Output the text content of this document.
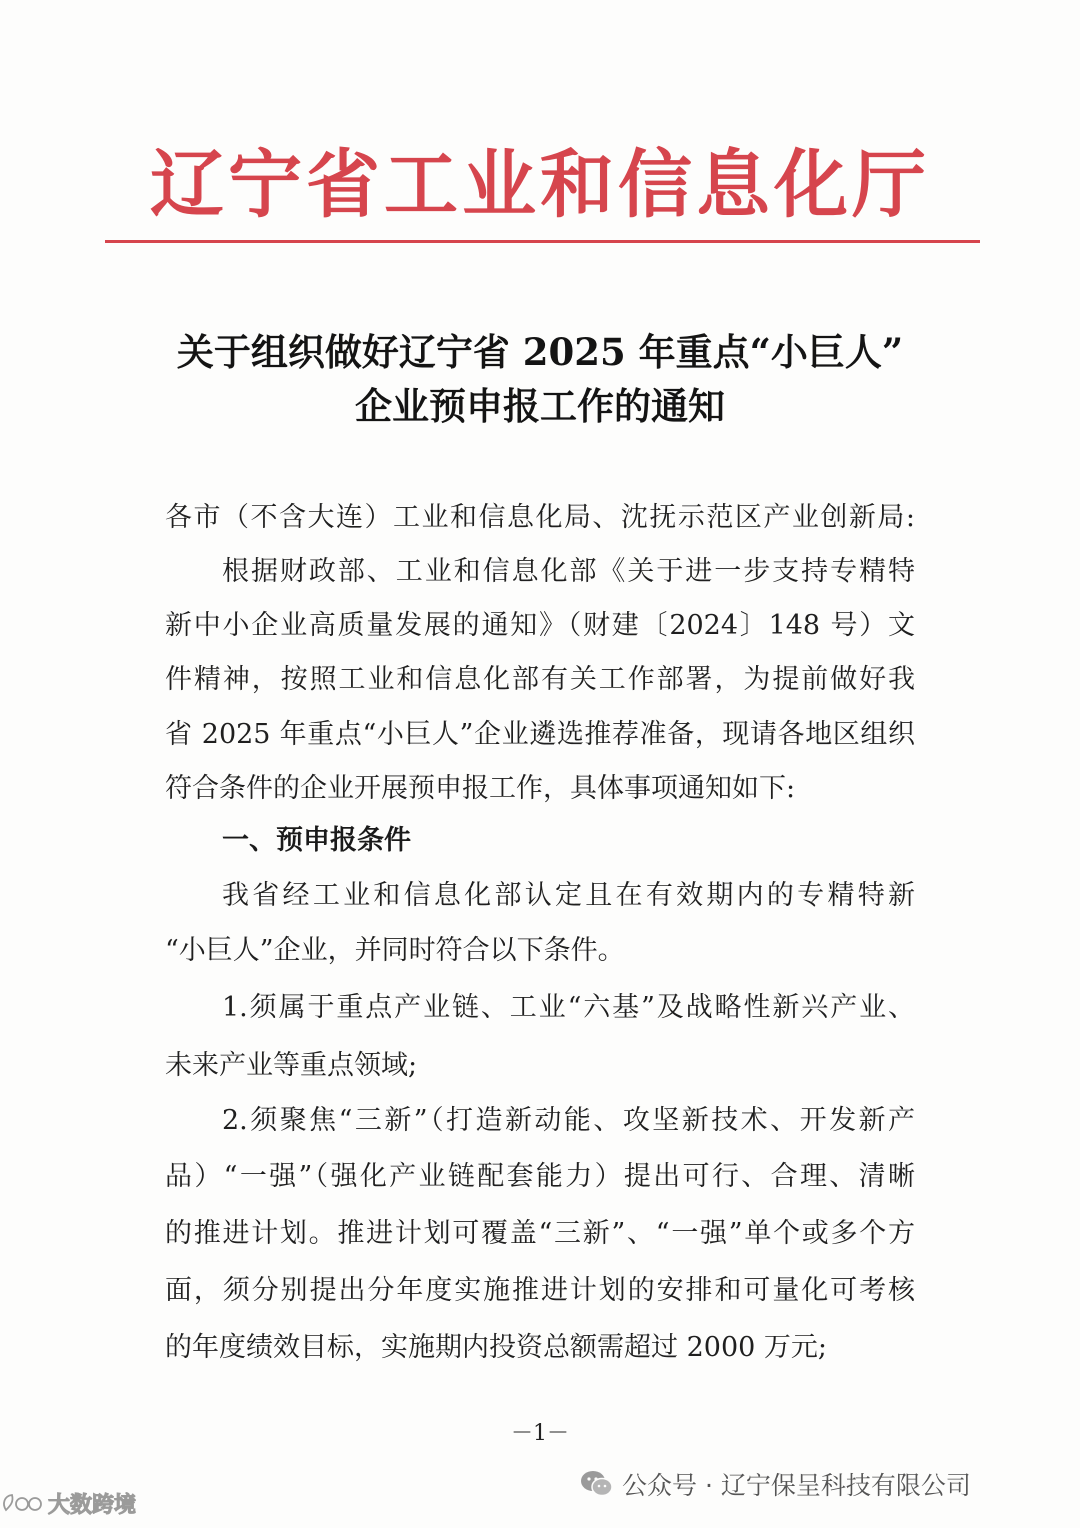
辽宁省工业和信息化厅
关于组织做好辽宁省 2025 年重点“小巨人”
企业预申报工作的通知
各市（不含大连）工业和信息化局、沈抚示范区产业创新局:
根据财政部、工业和信息化部《关于进一步支持专精特
新中小企业高质量发展的通知》（财建〔2024〕148 号）文
件精神，按照工业和信息化部有关工作部署，为提前做好我
省 2025 年重点“小巨人”企业遴选推荐准备，现请各地区组织
符合条件的企业开展预申报工作，具体事项通知如下:
一、预申报条件
我省经工业和信息化部认定且在有效期内的专精特新
“小巨人”企业，并同时符合以下条件。
1.须属于重点产业链、工业“六基”及战略性新兴产业、
未来产业等重点领域;
2.须聚焦“三新”（打造新动能、攻坚新技术、开发新产
品）“一强”（强化产业链配套能力）提出可行、合理、清晰
的推进计划。推进计划可覆盖“三新”、“一强”单个或多个方
面，须分别提出分年度实施推进计划的安排和可量化可考核
的年度绩效目标，实施期内投资总额需超过 2000 万元;
－1－
公众号 · 辽宁保呈科技有限公司
大数跨境
